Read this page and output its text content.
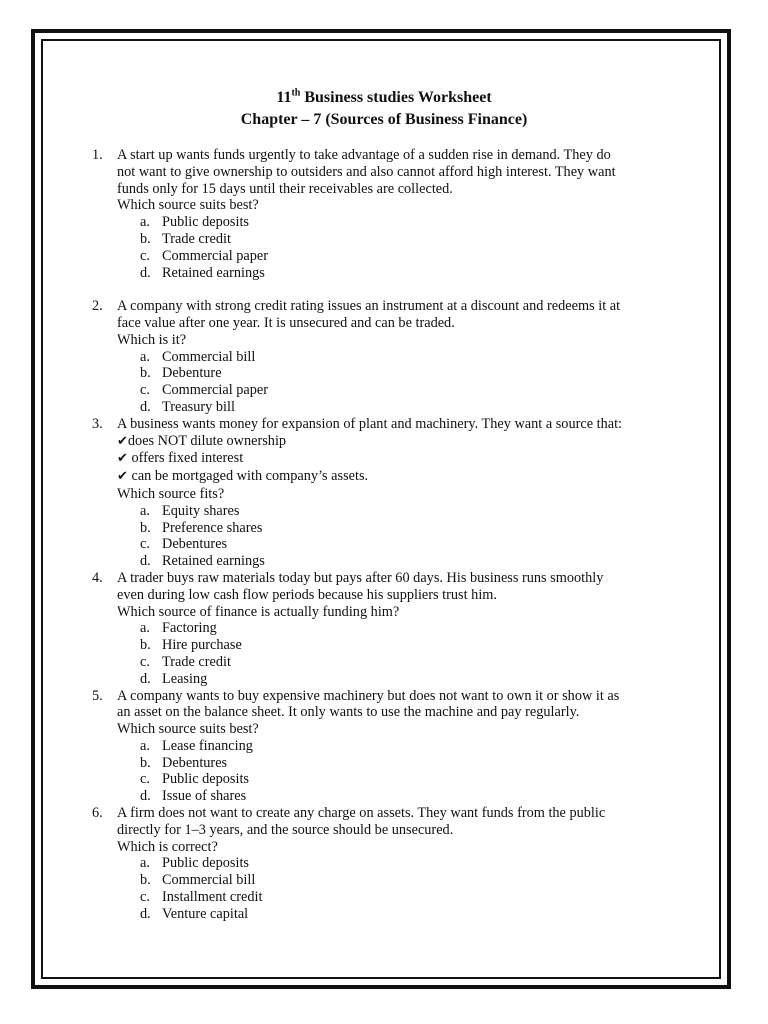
11th Business studies Worksheet
Chapter – 7 (Sources of Business Finance)
1. A start up wants funds urgently to take advantage of a sudden rise in demand. They do
not want to give ownership to outsiders and also cannot afford high interest. They want
funds only for 15 days until their receivables are collected.
Which source suits best?
a. Public deposits
b. Trade credit
c. Commercial paper
d. Retained earnings
2. A company with strong credit rating issues an instrument at a discount and redeems it at
face value after one year. It is unsecured and can be traded.
Which is it?
a. Commercial bill
b. Debenture
c. Commercial paper
d. Treasury bill
3. A business wants money for expansion of plant and machinery. They want a source that:
✔does NOT dilute ownership
✔ offers fixed interest
✔ can be mortgaged with company’s assets.
Which source fits?
a. Equity shares
b. Preference shares
c. Debentures
d. Retained earnings
4. A trader buys raw materials today but pays after 60 days. His business runs smoothly
even during low cash flow periods because his suppliers trust him.
Which source of finance is actually funding him?
a. Factoring
b. Hire purchase
c. Trade credit
d. Leasing
5. A company wants to buy expensive machinery but does not want to own it or show it as
an asset on the balance sheet. It only wants to use the machine and pay regularly.
Which source suits best?
a. Lease financing
b. Debentures
c. Public deposits
d. Issue of shares
6. A firm does not want to create any charge on assets. They want funds from the public
directly for 1–3 years, and the source should be unsecured.
Which is correct?
a. Public deposits
b. Commercial bill
c. Installment credit
d. Venture capital
